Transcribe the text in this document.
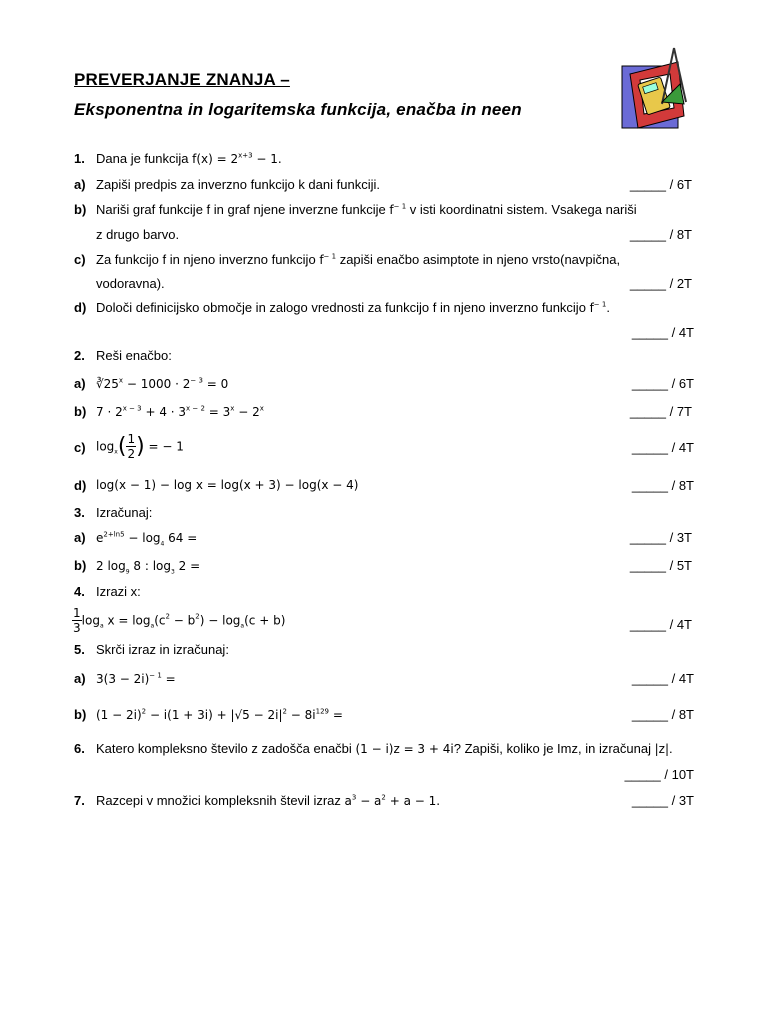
PREVERJANJE ZNANJA –
Eksponentna in logaritemska funkcija, enačba in neen
1. Dana je funkcija $f(x) = 2^{x+3} - 1$.
a) Zapiši predpis za inverzno funkcijo k dani funkciji.	_____ / 6T
b) Nariši graf funkcije f in graf njene inverzne funkcije $f^{- 1}$ v isti koordinatni sistem. Vsakega nariši
z drugo barvo.	_____ / 8T
c) Za funkcijo f in njeno inverzno funkcijo $f^{- 1}$ zapiši enačbo asimptote in njeno vrsto(navpična,
vodoravna).	_____ / 2T
d) Določi definicijsko območje in zalogo vrednosti za funkcijo f in njeno inverzno funkcijo $f^{- 1}$.
_____ / 4T
2. Reši enačbo:
a) $∛25^x - 1000 \cdot 2^{- 3} = 0$	_____ / 6T
b) $7 \cdot 2^{x - 3} + 4 \cdot 3^{x - 2} = 3^x - 2^x$	_____ / 7T
c) $\log_x( \frac{1}{2}$ ) = − 1	_____ / 4T
d) log(x − 1) − log x = log(x + 3) − log(x − 4)	_____ / 8T
3. Izračunaj:
a) $e^{2+ln5} - \log_4 64$ =	_____ / 3T
b) 2 $\log_9 8$ : $\log_3 2$ =	_____ / 5T
4. Izrazi x:
$\frac{1}{3} \log_a x = \log_a(c^2 - b^2) - \log_a(c + b)$	_____ / 4T
5. Skrči izraz in izračunaj:
a) $3(3 - 2i)^{- 1}$ =	_____ / 4T
b) $(1 - 2i)^2 - i(1 + 3i) + |√5 - 2i|^2 - 8i^{129}$ =	_____ / 8T
6. Katero kompleksno število z zadošča enačbi (1 − i)z = 3 + 4i? Zapiši, koliko je Imz, in izračunaj |z|.
_____ / 10T
7. Razcepi v množici kompleksnih števil izraz $a^3 - a^2 + a - 1$.	_____ / 3T
